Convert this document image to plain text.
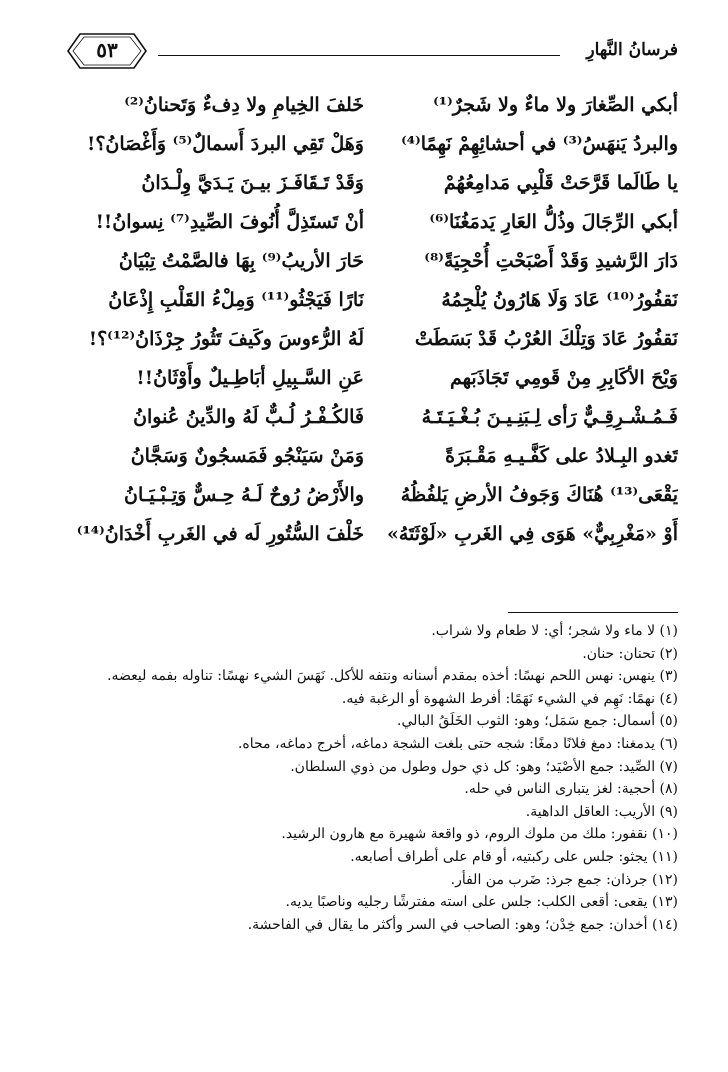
فرسانُ النَّهارِ
٥٣
أبكي الصِّغارَ ولا ماءٌ ولا شَجرٌ⁽¹⁾
خَلفَ الخِيامِ ولا دِفءٌ وَتَحنانُ⁽²⁾
والبردُ يَنهَسُ⁽³⁾ في أحشائِهِمْ نَهِمًا⁽⁴⁾
وَهَلْ تَقِي البردَ أَسمالٌ⁽⁵⁾ وَأَغْصَانُ؟!
يا طَالَما قَرَّحَتْ قَلْبِي مَدامِعُهُمْ
وَقَدْ تَـقَافَـزَ بيـنَ يَـدَيَّ وِلْـدَانُ
أبكي الرِّجَالَ وذُلُّ العَارِ يَدمَغُنَا⁽⁶⁾
أنْ تَستَذِلَّ أُنُوفَ الصِّيدِ⁽⁷⁾ نِسوانُ!!
دَارَ الرَّشيدِ وَقَدْ أَصْبَحْتِ أُحْجِيَةً⁽⁸⁾
حَارَ الأريبُ⁽⁹⁾ بِهَا فالصَّمْتُ تِبْيَانُ
نَقفُورُ⁽¹⁰⁾ عَادَ وَلَا هَارُونُ يُلْجِمُهُ
نَارًا فَيَجْثُو⁽¹¹⁾ وَمِلْءُ القَلْبِ إِذْعَانُ
نَقفُورُ عَادَ وَتِلْكَ العُرْبُ قَدْ بَسَطَتْ
لَهُ الرُّءوسَ وكَيفَ تَثُورُ جِرْذَانُ⁽¹²⁾؟!
وَيْحَ الأكَابِرِ مِنْ قَومِي تَجَاذَبَهم
عَنِ السَّـبِيلِ أبَاطِـيلٌ وأَوْثَانُ!!
فَـمُـشْـرِقِـيٌّ رَأى لِـبَنِـيـنَ بُـغْـيَـتَـهُ
فَالكُـفْـرُ لُـبٌّ لَهُ والدِّينُ عُنوانُ
تَغدو البِـلادُ على كَفَّـيـهِ مَقْـبَرَةً
وَمَنْ سَيَنْجُو فَمَسجُونٌ وَسَجَّانُ
يَقْعَى⁽¹³⁾ هُنَاكَ وَجَوفُ الأرضِ يَلفُظُهُ
والأَرْضُ رُوحٌ لَـهُ حِـسٌّ وَتِـبْـيَـانُ
أَوْ «مَغْرِبِيٌّ» هَوَى فِي الغَربِ «لَوْثَتَهُ»
خَلْفَ السُّتُورِ لَه في الغَربِ أَخْدَانُ⁽¹⁴⁾
(١) لا ماء ولا شجر؛ أي: لا طعام ولا شراب.
(٢) تحنان: حنان.
(٣) ينهس: نهس اللحم نهسًا: أخذه بمقدم أسنانه ونتفه للأكل. نَهَسَ الشيء نهسًا: تناوله بفمه ليعضه.
(٤) نهمًا: نَهِم في الشيء نَهَمًا: أفرط الشهوة أو الرغبة فيه.
(٥) أسمال: جمع سَمَل؛ وهو: الثوب الخَلَقُ البالي.
(٦) يدمغنا: دمغ فلانًا دمغًا: شجه حتى بلغت الشجة دماغه، أخرج دماغه، محاه.
(٧) الصِّيد: جمع الأصْيَد؛ وهو: كل ذي حول وطول من ذوي السلطان.
(٨) أحجية: لغز يتبارى الناس في حله.
(٩) الأريب: العاقل الداهية.
(١٠) نقفور: ملك من ملوك الروم، ذو واقعة شهيرة مع هارون الرشيد.
(١١) يجثو: جلس على ركبتيه، أو قام على أطراف أصابعه.
(١٢) جرذان: جمع جرذ: ضَرب من الفأر.
(١٣) يقعى: أقعى الكلب: جلس على استه مفترشًا رجليه وناصبًا يديه.
(١٤) أخدان: جمع خِدْن؛ وهو: الصاحب في السر وأكثر ما يقال في الفاحشة.
